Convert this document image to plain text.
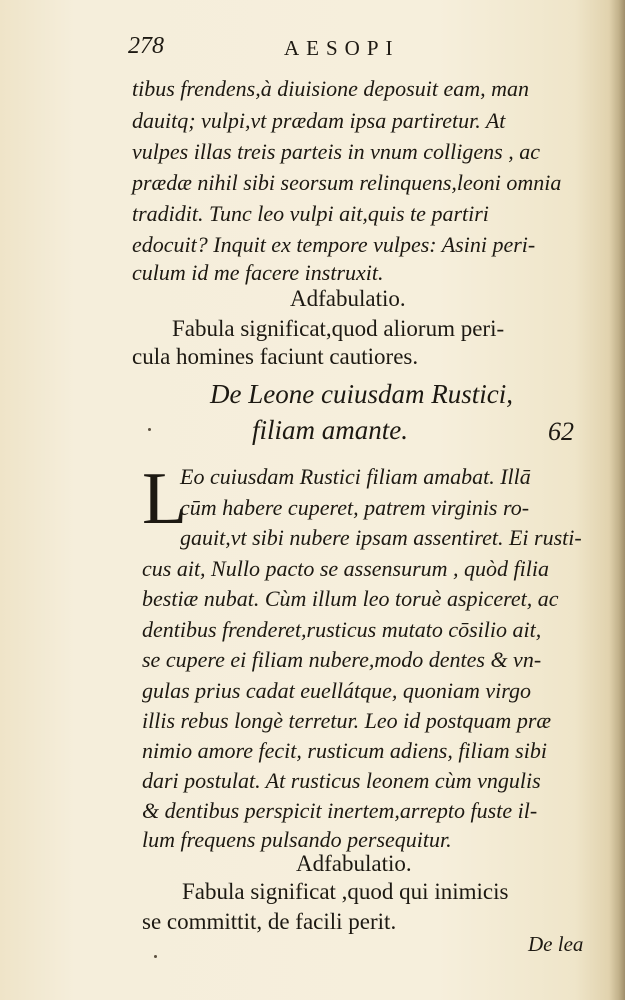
278	AESOPI
tibus frendens,à diuisione deposuit eam, man
dauitq; vulpi,vt prædam ipsa partiretur. At
vulpes illas treis parteis in vnum colligens , ac
prædæ nihil sibi seorsum relinquens,leoni omnia
tradidit. Tunc leo vulpi ait,quis te partiri
edocuit? Inquit ex tempore vulpes: Asini peri-
culum id me facere instruxit.
Adfabulatio.
Fabula significat,quod aliorum peri-
cula homines faciunt cautiores.
De Leone cuiusdam Rustici,
filiam amante.	62
L
Eo cuiusdam Rustici filiam amabat. Illā
cūm habere cuperet, patrem virginis ro-
gauit,vt sibi nubere ipsam assentiret. Ei rusti-
cus ait, Nullo pacto se assensurum , quòd filia
bestiæ nubat. Cùm illum leo toruè aspiceret, ac
dentibus frenderet,rusticus mutato cōsilio ait,
se cupere ei filiam nubere,modo dentes & vn-
gulas prius cadat euellátque, quoniam virgo
illis rebus longè terretur. Leo id postquam præ
nimio amore fecit, rusticum adiens, filiam sibi
dari postulat. At rusticus leonem cùm vngulis
& dentibus perspicit inertem,arrepto fuste il-
lum frequens pulsando persequitur.
Adfabulatio.
Fabula significat ,quod qui inimicis
se committit, de facili perit.
De lea
